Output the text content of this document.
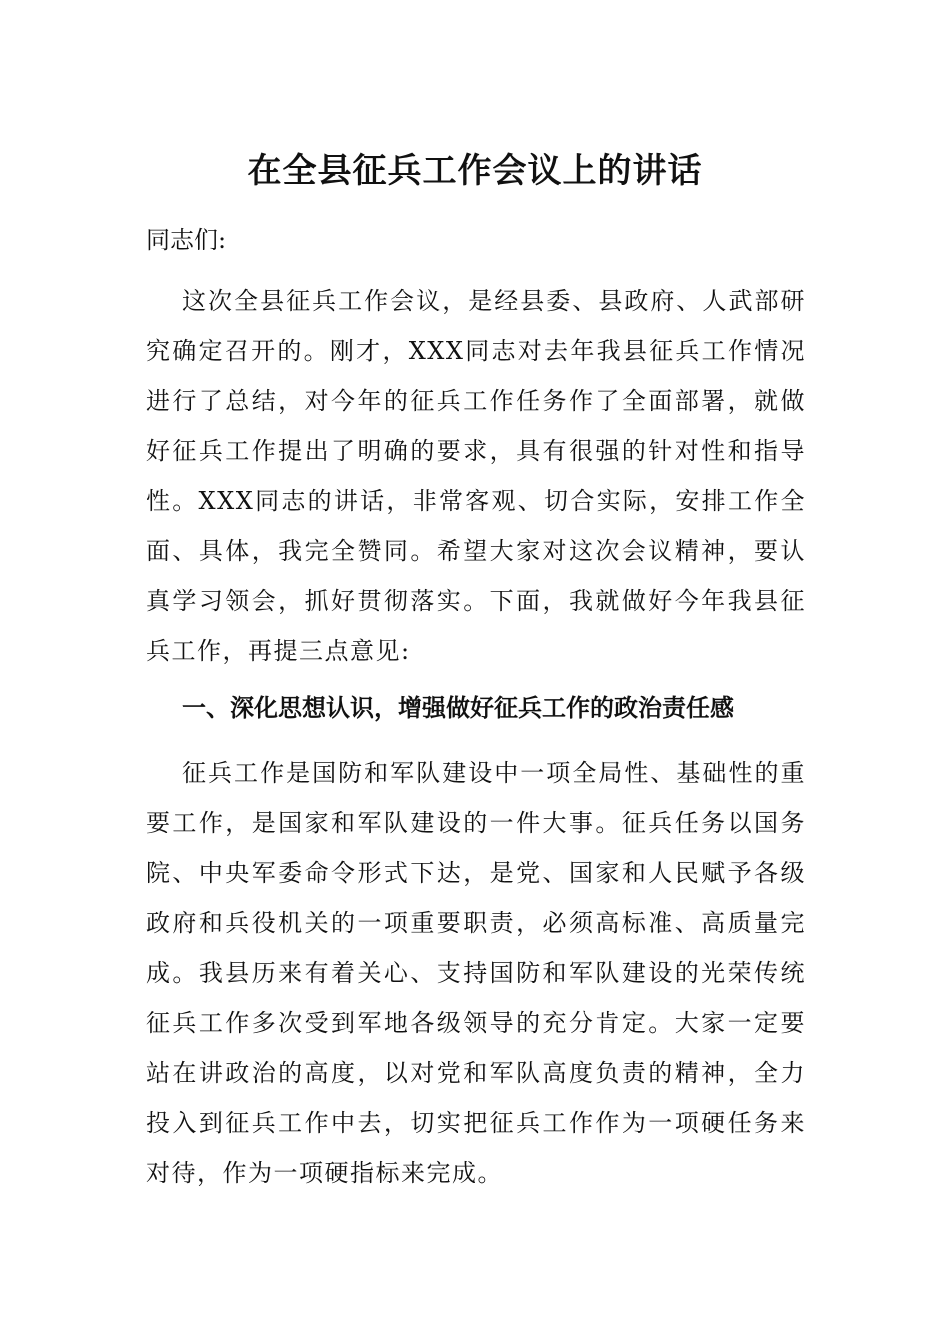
在全县征兵工作会议上的讲话

同志们:

这次全县征兵工作会议，是经县委、县政府、人武部研究确定召开的。刚才，XXX同志对去年我县征兵工作情况进行了总结，对今年的征兵工作任务作了全面部署，就做好征兵工作提出了明确的要求，具有很强的针对性和指导性。XXX同志的讲话，非常客观、切合实际，安排工作全面、具体，我完全赞同。希望大家对这次会议精神，要认真学习领会，抓好贯彻落实。下面，我就做好今年我县征兵工作，再提三点意见:

一、深化思想认识，增强做好征兵工作的政治责任感

征兵工作是国防和军队建设中一项全局性、基础性的重要工作，是国家和军队建设的一件大事。征兵任务以国务院、中央军委命令形式下达，是党、国家和人民赋予各级政府和兵役机关的一项重要职责，必须高标准、高质量完成。我县历来有着关心、支持国防和军队建设的光荣传统征兵工作多次受到军地各级领导的充分肯定。大家一定要站在讲政治的高度，以对党和军队高度负责的精神，全力投入到征兵工作中去，切实把征兵工作作为一项硬任务来对待，作为一项硬指标来完成。
